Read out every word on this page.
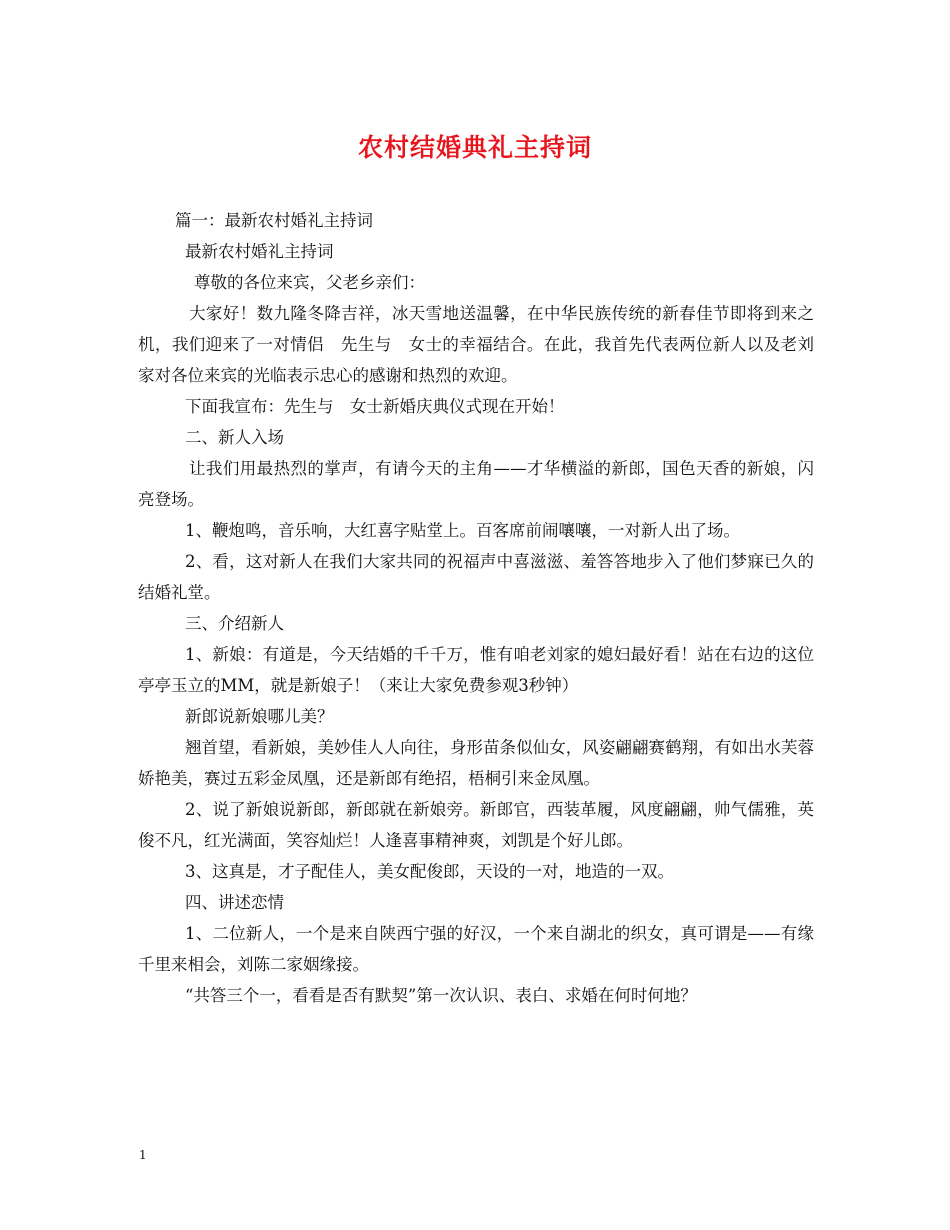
农村结婚典礼主持词

篇一：最新农村婚礼主持词

最新农村婚礼主持词

尊敬的各位来宾，父老乡亲们：

大家好！数九隆冬降吉祥，冰天雪地送温馨，在中华民族传统的新春佳节即将到来之机，我们迎来了一对情侣　先生与　女士的幸福结合。在此，我首先代表两位新人以及老刘家对各位来宾的光临表示忠心的感谢和热烈的欢迎。

下面我宣布：先生与　女士新婚庆典仪式现在开始！

二、新人入场

让我们用最热烈的掌声，有请今天的主角——才华横溢的新郎，国色天香的新娘，闪亮登场。

1、鞭炮鸣，音乐响，大红喜字贴堂上。百客席前闹嚷嚷，一对新人出了场。

2、看，这对新人在我们大家共同的祝福声中喜滋滋、羞答答地步入了他们梦寐已久的结婚礼堂。

三、介绍新人

1、新娘：有道是，今天结婚的千千万，惟有咱老刘家的媳妇最好看！站在右边的这位亭亭玉立的MM，就是新娘子！（来让大家免费参观3秒钟）

新郎说新娘哪儿美？

翘首望，看新娘，美妙佳人人向往，身形苗条似仙女，风姿翩翩赛鹤翔，有如出水芙蓉娇艳美，赛过五彩金凤凰，还是新郎有绝招，梧桐引来金凤凰。

2、说了新娘说新郎，新郎就在新娘旁。新郎官，西装革履，风度翩翩，帅气儒雅，英俊不凡，红光满面，笑容灿烂！人逢喜事精神爽，刘凯是个好儿郎。

3、这真是，才子配佳人，美女配俊郎，天设的一对，地造的一双。

四、讲述恋情

1、二位新人，一个是来自陕西宁强的好汉，一个来自湖北的织女，真可谓是——有缘千里来相会，刘陈二家姻缘接。

“共答三个一，看看是否有默契”第一次认识、表白、求婚在何时何地？

1
